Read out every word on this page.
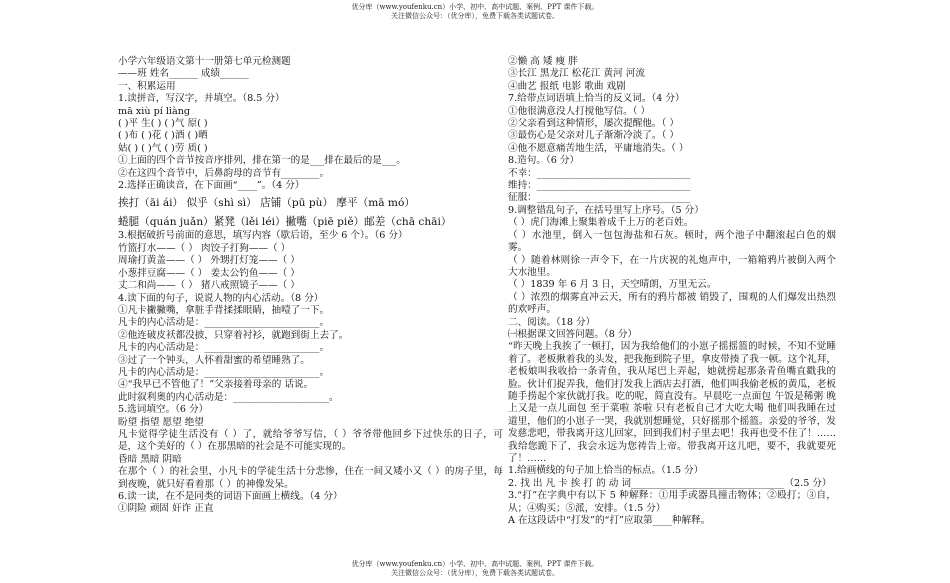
优分库（www.youfenku.cn）小学、初中、高中试题、案例、PPT 课件下载。
关注微信公众号：（优分库），免费下载各类试题试卷。
小学六年级语文第十一册第七单元检测题
——班 姓名______ 成绩______
一、积累运用
1.读拼音，写汉字，并填空。（8.5 分）
mā xiù pí liàng
( )平 生( ) ( )气 原( )
( )布 ( )花 ( )酒 ( )晒
姑( ) ( )气 ( )劳 质( )
①上面的四个音节按音序排列，排在第一的是___排在最后的是___。
②在这四个音节中，后鼻韵母的音节有________。
2.选择正确读音，在下面画“____”。（4 分）
挨打（āi ái） 似乎（shì sì） 店铺（pū pù） 摩平（mā mó）
蜷腿（quán juǎn）紧凳（lěi léi）撇嘴（piē piě）邮差（chā chāi）
3.根据破折号前面的意思，填写内容（歇后语，至少 6 个）。（6 分）
竹篮打水——（ ） 肉饺子打狗——（ ）
周瑜打黄盖——（ ） 外甥打灯笼——（ ）
小葱拌豆腐——（ ） 姜太公钓鱼——（ ）
丈二和尚——（ ） 猪八戒照镜子——（ ）
4.读下面的句子，说说人物的内心活动。（8 分）
①凡卡撇撇嘴，拿脏手背揉揉眼睛，抽噎了一下。
凡卡的内心活动是：________________________。
②他连破皮袄都没披，只穿着衬衫，就跑到街上去了。
凡卡的内心活动是：________________________。
③过了一个钟头，人怀着甜蜜的希望睡熟了。
凡卡的内心活动是：________________________。
④“我早已不管他了！”父亲接着母亲的 话说。
此时叙利奥的内心活动是：____________________。
5.选词填空。（6 分）
盼望 指望 愿望 绝望
凡卡觉得学徒生活没有（ ）了，就给爷爷写信，（ ）爷爷带他回乡下过快乐的日子，可是，这个美好的（ ）在那黑暗的社会是不可能实现的。
昏暗 黑暗 阴暗
在那个（ ）的社会里，小凡卡的学徒生活十分悲惨，住在一间又矮小又（ ）的房子里，每到夜晚，就只好看着那（ ）的神像发呆。
6.读一读，在不是同类的词语下面画上横线。（4 分）
①阴险 顽固 奸诈 正直
②懒 高 矮 瘦 胖
③长江 黑龙江 松花江 黄河 河流
④曲艺 报纸 电影 歌曲 戏剧
7.给带点词语填上恰当的反义词。（4 分）
①他很满意没人打搅他写信。（ ）
②父亲看到这种情形，屡次提醒他。（ ）
③最伤心是父亲对儿子渐渐冷淡了。（ ）
④他不愿意痛苦地生活，平庸地消失。（ ）
8.造句。（6 分）
不幸：________________________________
维持：________________________________
征服：________________________________
9.调整错乱句子，在括号里写上序号。（5 分）
（ ）虎门海滩上聚集着成千上万的老百姓。
（ ）水池里，倒入一包包海盐和石灰。顿时，两个池子中翻滚起白色的烟雾。
（ ）随着林则徐一声令下，在一片庆祝的礼炮声中，一箱箱鸦片被倒入两个大水池里。
（ ）1839 年 6 月 3 日，天空晴朗，万里无云。
（ ）浓烈的烟雾直冲云天，所有的鸦片都被 销毁了，围观的人们爆发出热烈的欢呼声。
二、阅读。（18 分）
㈠根据课文回答问题。（8 分）
“昨天晚上我挨了一顿打，因为我给他们的小崽子摇摇篮的时候，不知不觉睡着了。老板揪着我的头发，把我拖到院子里，拿皮带揍了我一顿。这个礼拜，老板娘叫我收拾一条青鱼，我从尾巴上弄起，她就捞起那条青鱼嘴直戳我的脸。伙计们捉弄我，他们打发我上酒店去打酒，他们叫我偷老板的黄瓜，老板随手捞起个家伙就打我。吃的呢，简直没有。早晨吃一点面包 午饭是稀粥 晚上又是一点儿面包 至于菜啦 茶啦 只有老板自己才大吃大喝 他们叫我睡在过道里，他们的小崽子一哭，我就别想睡觉，只好摇那个摇篮。亲爱的爷爷，发发慈悲吧，带我离开这儿回家，回到我们村子里去吧！我再也受不住了！……我给您跪下了，我会永远为您祷告上帝。带我离开这儿吧，要不，我就要死了！……
1.给画横线的句子加上恰当的标点。（1.5 分）
2. 找 出 凡 卡 挨 打 的 动 词________________________________（2.5 分）
3.“打”在字典中有以下 5 种解释：①用手或器具撞击物体；②殴打；③自，从；④购买；⑤派，安排。（1.5 分）
A 在这段话中“打发”的“打”应取第____种解释。
优分库（www.youfenku.cn）小学、初中、高中试题、案例、PPT 课件下载。
关注微信公众号：（优分库），免费下载各类试题试卷。
